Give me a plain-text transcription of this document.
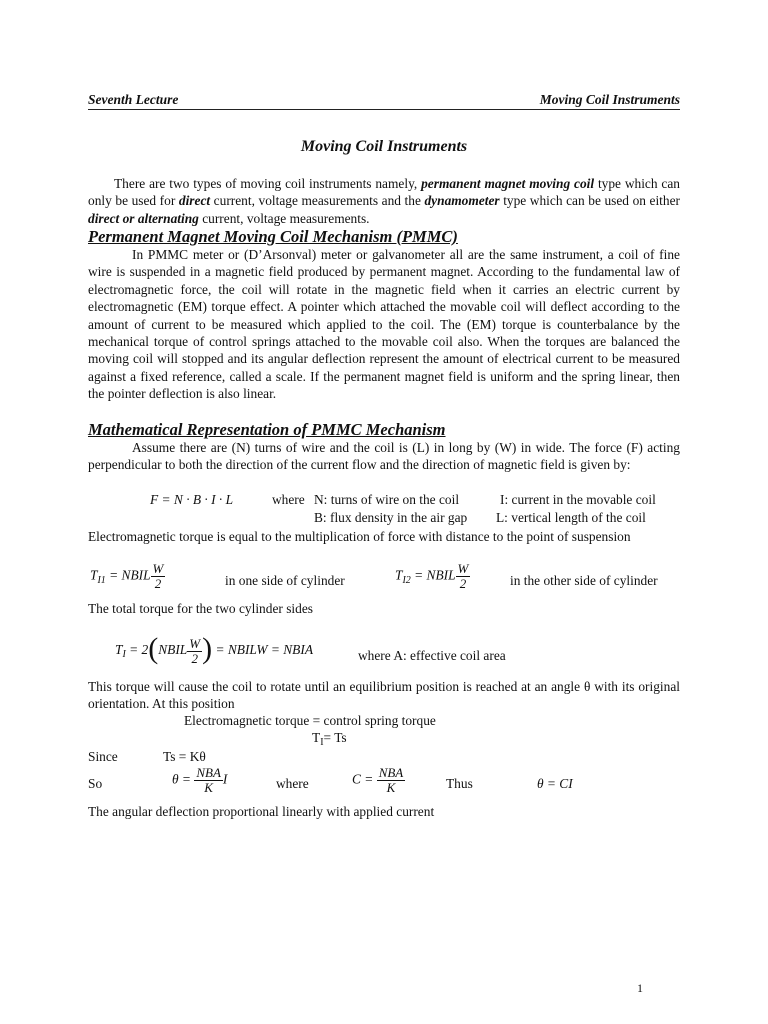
Seventh Lecture	Moving Coil Instruments
Moving Coil Instruments
There are two types of moving coil instruments namely, permanent magnet moving coil type which can only be used for direct current, voltage measurements and the dynamometer type which can be used on either direct or alternating current, voltage measurements.
Permanent Magnet Moving Coil Mechanism (PMMC)
In PMMC meter or (D’Arsonval) meter or galvanometer all are the same instrument, a coil of fine wire is suspended in a magnetic field produced by permanent magnet. According to the fundamental law of electromagnetic force, the coil will rotate in the magnetic field when it carries an electric current by electromagnetic (EM) torque effect. A pointer which attached the movable coil will deflect according to the amount of current to be measured which applied to the coil. The (EM) torque is counterbalance by the mechanical torque of control springs attached to the movable coil also. When the torques are balanced the moving coil will stopped and its angular deflection represent the amount of electrical current to be measured against a fixed reference, called a scale. If the permanent magnet field is uniform and the spring linear, then the pointer deflection is also linear.
Mathematical Representation of PMMC Mechanism
Assume there are (N) turns of wire and the coil is (L) in long by (W) in wide. The force (F) acting perpendicular to both the direction of the current flow and the direction of magnetic field is given by:
F = N · B · I · L	where N: turns of wire on the coil	I: current in the movable coil
B: flux density in the air gap L: vertical length of the coil
Electromagnetic torque is equal to the multiplication of force with distance to the point of suspension
$T_{I1}$ = NBIL $\frac{W}{2}$	in one side of cylinder	$T_{I2}$ = NBIL $\frac{W}{2}$	in the other side of cylinder
The total torque for the two cylinder sides
$T_I$ = 2(NBIL $\frac{W}{2}$ ) = NBILW = NBIA	where A: effective coil area
This torque will cause the coil to rotate until an equilibrium position is reached at an angle θ with its original orientation. At this position
Electromagnetic torque = control spring torque
$T_I= Ts$
Since	Ts = Kθ
So	$\theta = \frac{\text{NBA}}{K}$ I	where	$C = \frac{\text{NBA}}{K}$	Thus	θ = CI
The angular deflection proportional linearly with applied current
1
